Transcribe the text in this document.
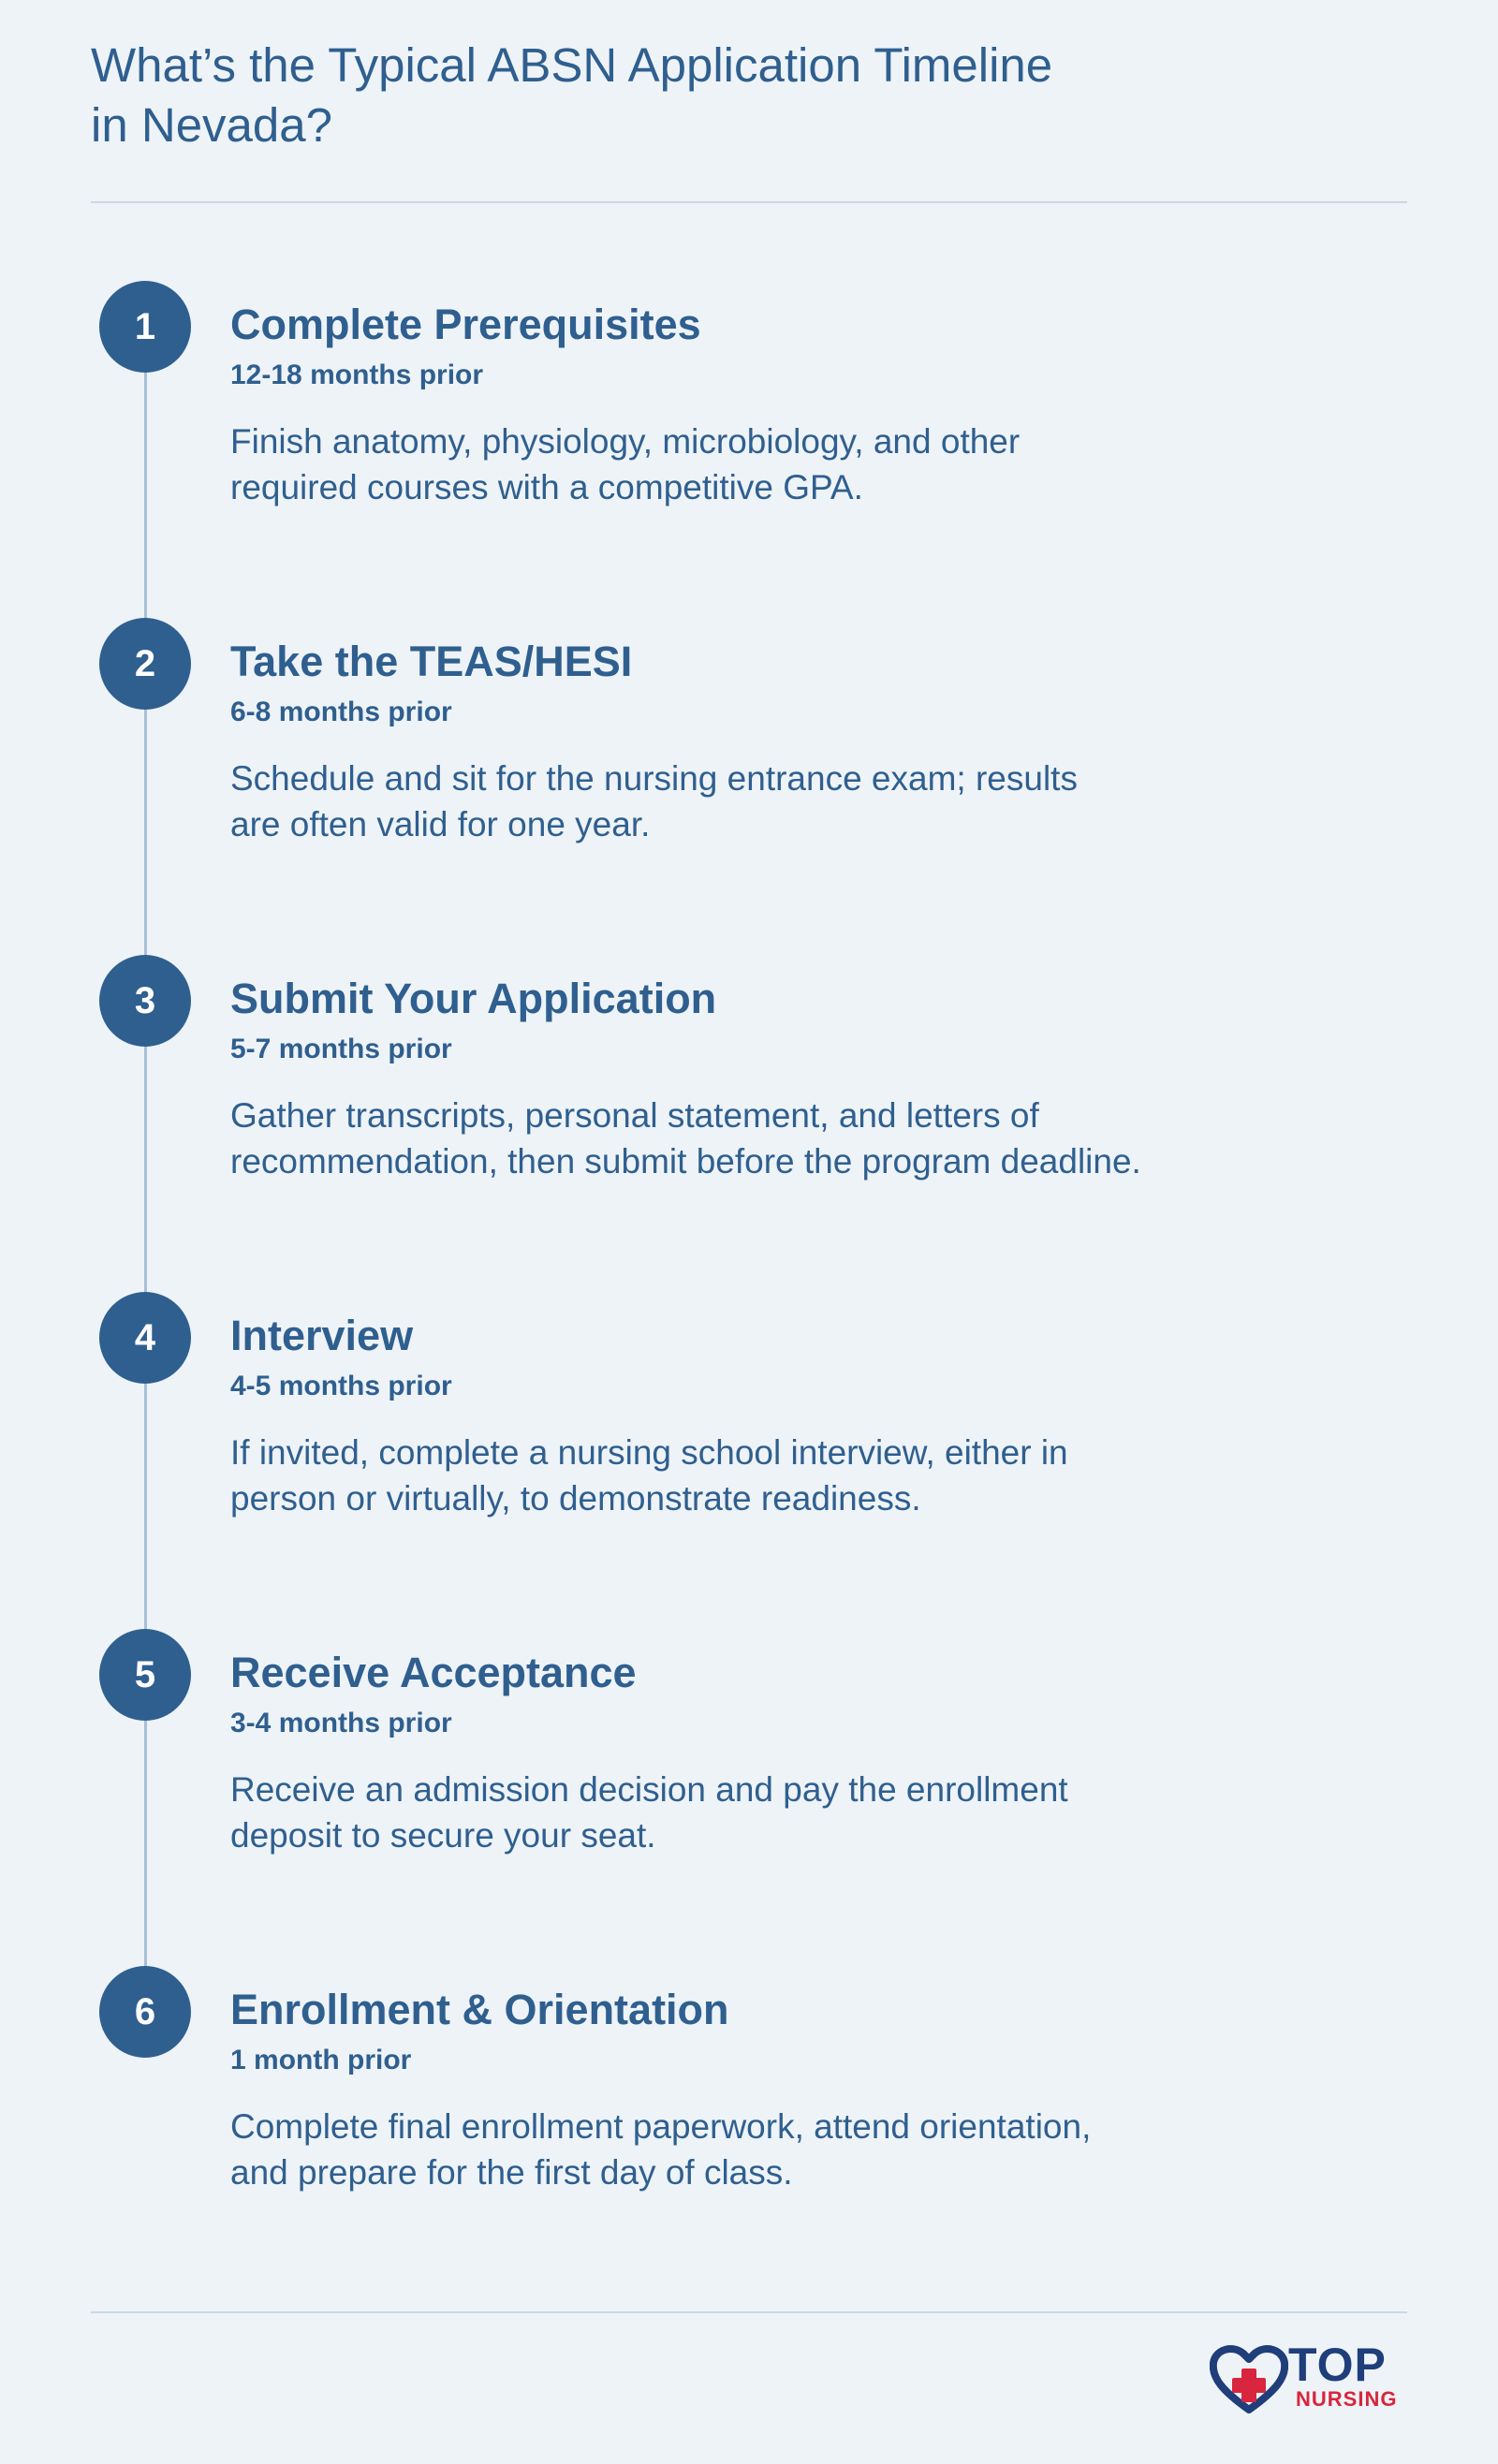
What’s the Typical ABSN Application Timeline
in Nevada?
1	Complete Prerequisites
12-18 months prior
Finish anatomy, physiology, microbiology, and other
required courses with a competitive GPA.
2	Take the TEAS/HESI
6-8 months prior
Schedule and sit for the nursing entrance exam; results
are often valid for one year.
3	Submit Your Application
5-7 months prior
Gather transcripts, personal statement, and letters of
recommendation, then submit before the program deadline.
4	Interview
4-5 months prior
If invited, complete a nursing school interview, either in
person or virtually, to demonstrate readiness.
5	Receive Acceptance
3-4 months prior
Receive an admission decision and pay the enrollment
deposit to secure your seat.
6	Enrollment & Orientation
1 month prior
Complete final enrollment paperwork, attend orientation,
and prepare for the first day of class.
TOP
NURSING
